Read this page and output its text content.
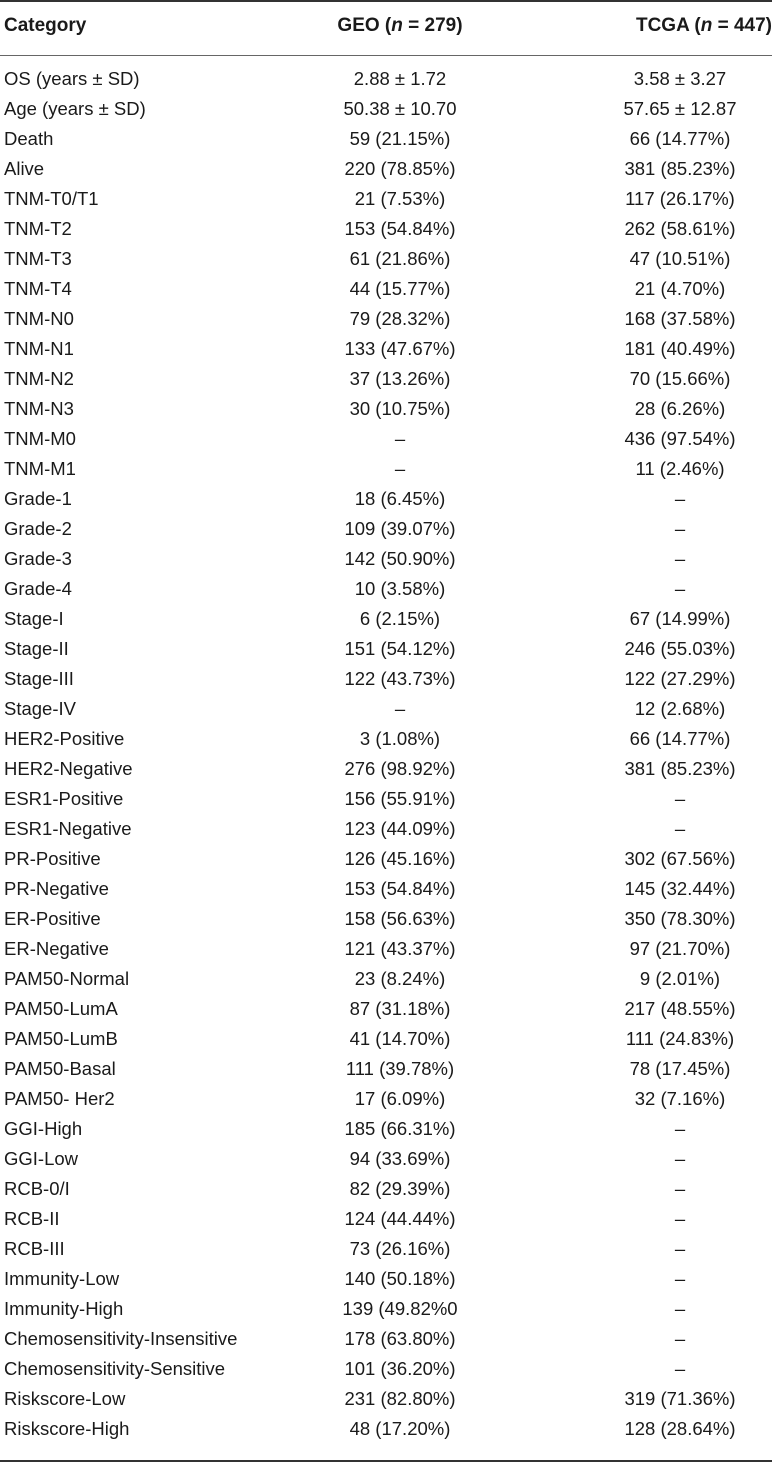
Category	GEO (n = 279)	TCGA (n = 447)
OS (years ± SD)	2.88 ± 1.72	3.58 ± 3.27
Age (years ± SD)	50.38 ± 10.70	57.65 ± 12.87
Death	59 (21.15%)	66 (14.77%)
Alive	220 (78.85%)	381 (85.23%)
TNM-T0/T1	21 (7.53%)	117 (26.17%)
TNM-T2	153 (54.84%)	262 (58.61%)
TNM-T3	61 (21.86%)	47 (10.51%)
TNM-T4	44 (15.77%)	21 (4.70%)
TNM-N0	79 (28.32%)	168 (37.58%)
TNM-N1	133 (47.67%)	181 (40.49%)
TNM-N2	37 (13.26%)	70 (15.66%)
TNM-N3	30 (10.75%)	28 (6.26%)
TNM-M0	–	436 (97.54%)
TNM-M1	–	11 (2.46%)
Grade-1	18 (6.45%)	–
Grade-2	109 (39.07%)	–
Grade-3	142 (50.90%)	–
Grade-4	10 (3.58%)	–
Stage-I	6 (2.15%)	67 (14.99%)
Stage-II	151 (54.12%)	246 (55.03%)
Stage-III	122 (43.73%)	122 (27.29%)
Stage-IV	–	12 (2.68%)
HER2-Positive	3 (1.08%)	66 (14.77%)
HER2-Negative	276 (98.92%)	381 (85.23%)
ESR1-Positive	156 (55.91%)	–
ESR1-Negative	123 (44.09%)	–
PR-Positive	126 (45.16%)	302 (67.56%)
PR-Negative	153 (54.84%)	145 (32.44%)
ER-Positive	158 (56.63%)	350 (78.30%)
ER-Negative	121 (43.37%)	97 (21.70%)
PAM50-Normal	23 (8.24%)	9 (2.01%)
PAM50-LumA	87 (31.18%)	217 (48.55%)
PAM50-LumB	41 (14.70%)	111 (24.83%)
PAM50-Basal	111 (39.78%)	78 (17.45%)
PAM50- Her2	17 (6.09%)	32 (7.16%)
GGI-High	185 (66.31%)	–
GGI-Low	94 (33.69%)	–
RCB-0/I	82 (29.39%)	–
RCB-II	124 (44.44%)	–
RCB-III	73 (26.16%)	–
Immunity-Low	140 (50.18%)	–
Immunity-High	139 (49.82%0	–
Chemosensitivity-Insensitive	178 (63.80%)	–
Chemosensitivity-Sensitive	101 (36.20%)	–
Riskscore-Low	231 (82.80%)	319 (71.36%)
Riskscore-High	48 (17.20%)	128 (28.64%)
